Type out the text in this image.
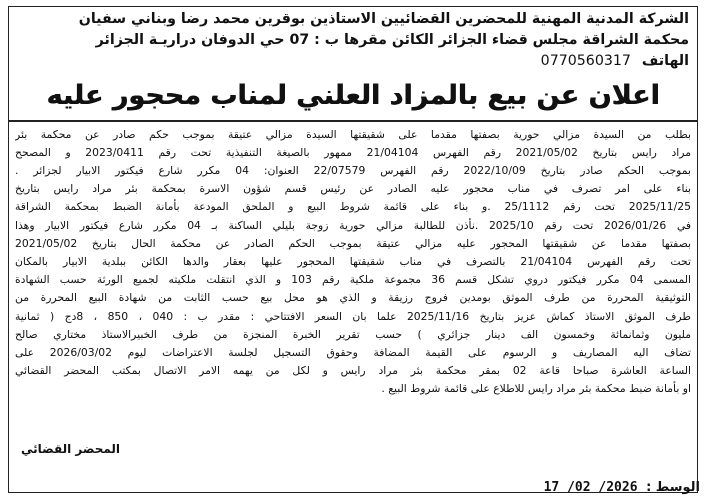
الشركة المدنية المهنية للمحضرين القضائيين الاستاذين بوقرين محمد رضا وبناني سفيان
محكمة الشراقة مجلس قضاء الجزائر الكائن مقرها ب : 07 حي الدوفان دراريـة الجزائر
الهاتف 0770560317
اعلان عن بيع بالمزاد العلني لمناب محجور عليه
بطلب من السيدة مزالي حورية بصفتها مقدما على شقيقتها السيدة مزالي عتيقة بموجب حكم صادر عن محكمة بئر
مراد رايس بتاريخ 2021/05/02 رقم الفهرس 21/04104 ممهور بالصيغة التنفيذية تحت رقم 2023/0411 و المصحح
بموجب الحكم صادر بتاريخ 2022/10/09 رقم الفهرس 22/07579 العنوان: 04 مكرر شارع فيكتور الابيار لجزائر .
بناء على امر تصرف في مناب محجور عليه الصادر عن رئيس قسم شؤون الاسرة بمحكمة بئر مراد رايس بتاريخ
2025/11/25 تحت رقم 25/1112 .و بناء على قائمة شروط البيع و الملحق المودعة بأمانة الضبط بمحكمة الشراقة
في 2026/01/26 تحت رقم 2025/10 .نأذن للطالبة مزالي حورية زوجة بليلي الساكنة بـ 04 مكرر شارع فيكتور الابيار وهذا
بصفتها مقدما عن شقيقتها المحجور عليه مزالي عتيقة بموجب الحكم الصادر عن محكمة الحال بتاريخ 2021/05/02
تحت رقم الفهرس 21/04104 بالتصرف في مناب شقيقتها المحجور عليها بعقار والدها الكائن ببلدية الابيار بالمكان
المسمى 04 مكرر فيكتور دروي تشكل قسم 36 مجموعة ملكية رقم 103 و الذي انتقلت ملكيته لجميع الورثة حسب الشهادة
التوثيقية المحررة من طرف الموثق بومدين فروج رزيقة و الذي هو محل بيع حسب الثابت من شهادة البيع المحررة من
طرف الموثق الاستاذ كماش عزيز بتاريخ 2025/11/16 علما بان السعر الافتتاحي : مقدر ب : 040 ، 850 ، 8دج ( ثمانية
مليون وثمانمائة وخمسون الف دينار جزائري ) حسب تقرير الخبرة المنجزة من طرف الخبيرالاستاذ مختاري صالح
تضاف اليه المصاريف و الرسوم على القيمة المضافة وحقوق التسجيل لجلسة الاعتراضات ليوم 2026/03/02 على
الساعة العاشرة صباحا قاعة 02 بمقر محكمة بئر مراد رايس و لكل من يهمه الامر الاتصال بمكتب المحضر القضائي
او بأمانة ضبط محكمة بئر مراد رايس للاطلاع على قائمة شروط البيع .
المحضر القضائي
الوسط : 2026/ 02/ 17
